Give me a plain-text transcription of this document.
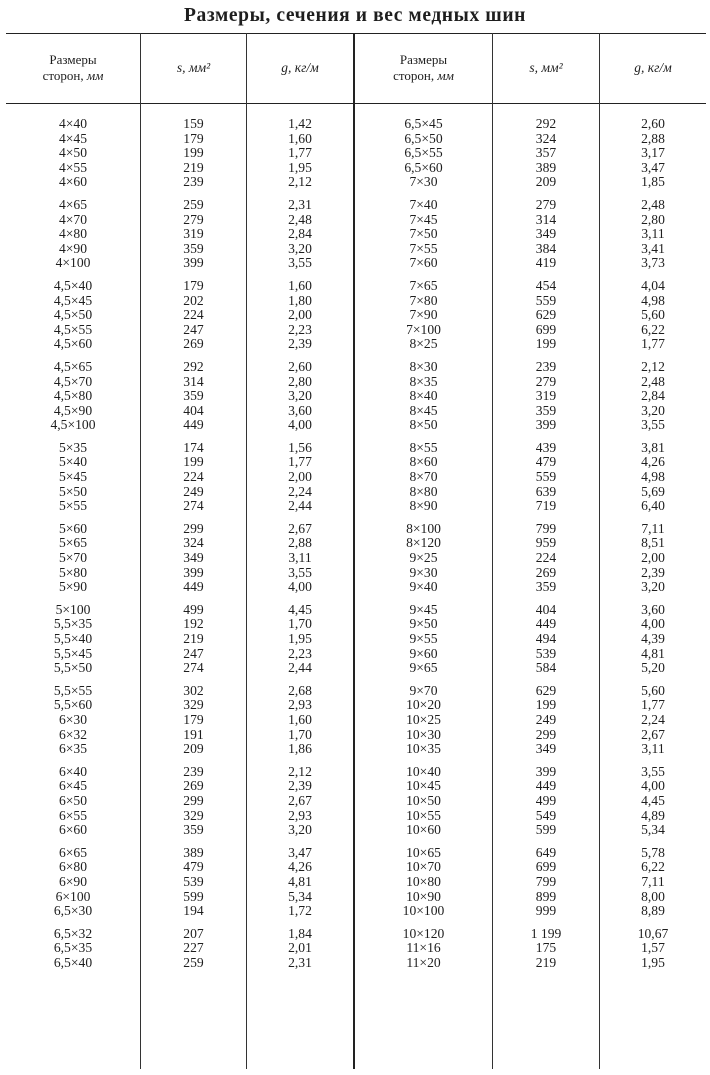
Размеры, сечения и вес медных шин
Размеры
сторон, мм
s,
мм²	g,
кг/м
Размеры
сторон, мм
s,
мм²	g,
кг/м
4×40
4×45
4×50
4×55
4×60
4×65
4×70
4×80
4×90
4×100
4,5×40
4,5×45
4,5×50
4,5×55
4,5×60
4,5×65
4,5×70
4,5×80
4,5×90
4,5×100
5×35
5×40
5×45
5×50
5×55
5×60
5×65
5×70
5×80
5×90
5×100
5,5×35
5,5×40
5,5×45
5,5×50
5,5×55
5,5×60
6×30
6×32
6×35
6×40
6×45
6×50
6×55
6×60
6×65
6×80
6×90
6×100
6,5×30
6,5×32
6,5×35
6,5×40
159
179
199
219
239
259
279
319
359
399
179
202
224
247
269
292
314
359
404
449
174
199
224
249
274
299
324
349
399
449
499
192
219
247
274
302
329
179
191
209
239
269
299
329
359
389
479
539
599
194
207
227
259
1,42
1,60
1,77
1,95
2,12
2,31
2,48
2,84
3,20
3,55
1,60
1,80
2,00
2,23
2,39
2,60
2,80
3,20
3,60
4,00
1,56
1,77
2,00
2,24
2,44
2,67
2,88
3,11
3,55
4,00
4,45
1,70
1,95
2,23
2,44
2,68
2,93
1,60
1,70
1,86
2,12
2,39
2,67
2,93
3,20
3,47
4,26
4,81
5,34
1,72
1,84
2,01
2,31
6,5×45
6,5×50
6,5×55
6,5×60
7×30
7×40
7×45
7×50
7×55
7×60
7×65
7×80
7×90
7×100
8×25
8×30
8×35
8×40
8×45
8×50
8×55
8×60
8×70
8×80
8×90
8×100
8×120
9×25
9×30
9×40
9×45
9×50
9×55
9×60
9×65
9×70
10×20
10×25
10×30
10×35
10×40
10×45
10×50
10×55
10×60
10×65
10×70
10×80
10×90
10×100
10×120
11×16
11×20
292
324
357
389
209
279
314
349
384
419
454
559
629
699
199
239
279
319
359
399
439
479
559
639
719
799
959
224
269
359
404
449
494
539
584
629
199
249
299
349
399
449
499
549
599
649
699
799
899
999
1 199
175
219
2,60
2,88
3,17
3,47
1,85
2,48
2,80
3,11
3,41
3,73
4,04
4,98
5,60
6,22
1,77
2,12
2,48
2,84
3,20
3,55
3,81
4,26
4,98
5,69
6,40
7,11
8,51
2,00
2,39
3,20
3,60
4,00
4,39
4,81
5,20
5,60
1,77
2,24
2,67
3,11
3,55
4,00
4,45
4,89
5,34
5,78
6,22
7,11
8,00
8,89
10,67
1,57
1,95
